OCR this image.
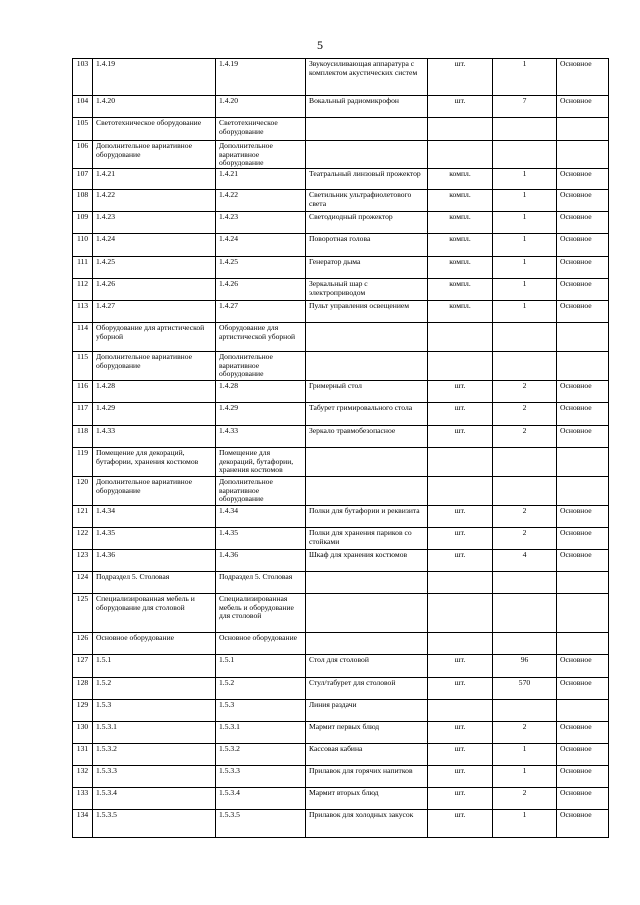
5
103	1.4.19	1.4.19	Звукоусиливающая аппаратура с комплектом акустических систем	шт.	1	Основное
104	1.4.20	1.4.20	Вокальный радиомикрофон	шт.	7	Основное
105	Светотехническое оборудование	Светотехническое оборудование				
106	Дополнительное вариативное оборудование	Дополнительное вариативное оборудование				
107	1.4.21	1.4.21	Театральный линзовый прожектор	компл.	1	Основное
108	1.4.22	1.4.22	Светильник ультрафиолетового света	компл.	1	Основное
109	1.4.23	1.4.23	Светодиодный прожектор	компл.	1	Основное
110	1.4.24	1.4.24	Поворотная голова	компл.	1	Основное
111	1.4.25	1.4.25	Генератор дыма	компл.	1	Основное
112	1.4.26	1.4.26	Зеркальный шар с электроприводом	компл.	1	Основное
113	1.4.27	1.4.27	Пульт управления освещением	компл.	1	Основное
114	Оборудование для артистической уборной	Оборудование для артистической уборной				
115	Дополнительное вариативное оборудование	Дополнительное вариативное оборудование				
116	1.4.28	1.4.28	Гримерный стол	шт.	2	Основное
117	1.4.29	1.4.29	Табурет гримировального стола	шт.	2	Основное
118	1.4.33	1.4.33	Зеркало травмобезопасное	шт.	2	Основное
119	Помещение для декораций, бутафории, хранения костюмов	Помещение для декораций, бутафории, хранения костюмов				
120	Дополнительное вариативное оборудование	Дополнительное вариативное оборудование				
121	1.4.34	1.4.34	Полки для бутафории и реквизита	шт.	2	Основное
122	1.4.35	1.4.35	Полки для хранения париков со стойками	шт.	2	Основное
123	1.4.36	1.4.36	Шкаф для хранения костюмов	шт.	4	Основное
124	Подраздел 5. Столовая	Подраздел 5. Столовая				
125	Специализированная мебель и оборудование для столовой	Специализированная мебель и оборудование для столовой				
126	Основное оборудование	Основное оборудование				
127	1.5.1	1.5.1	Стол для столовой	шт.	96	Основное
128	1.5.2	1.5.2	Стул/табурет для столовой	шт.	570	Основное
129	1.5.3	1.5.3	Линия раздачи			
130	1.5.3.1	1.5.3.1	Мармит первых блюд	шт.	2	Основное
131	1.5.3.2	1.5.3.2	Кассовая кабина	шт.	1	Основное
132	1.5.3.3	1.5.3.3	Прилавок для горячих напитков	шт.	1	Основное
133	1.5.3.4	1.5.3.4	Мармит вторых блюд	шт.	2	Основное
134	1.5.3.5	1.5.3.5	Прилавок для холодных закусок	шт.	1	Основное
